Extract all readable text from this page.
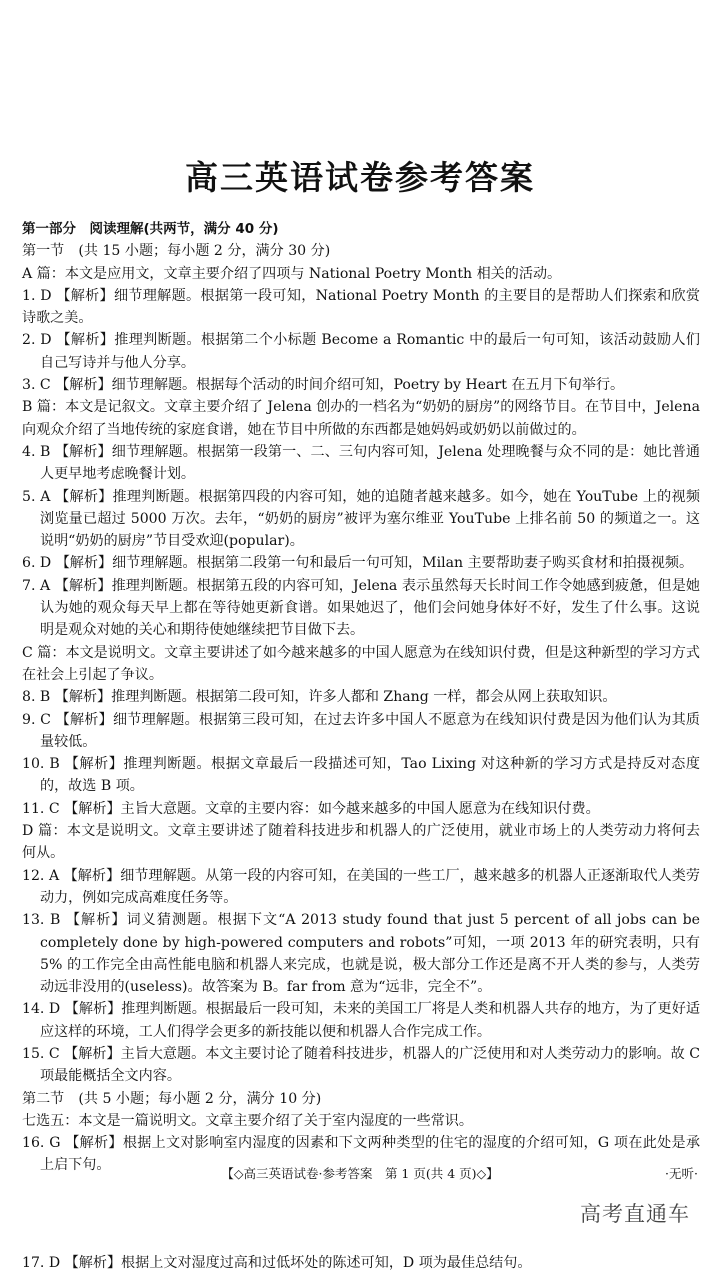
高三英语试卷参考答案
第一部分　阅读理解(共两节，满分 40 分)
第一节　(共 15 小题；每小题 2 分，满分 30 分)
A 篇：本文是应用文，文章主要介绍了四项与 National Poetry Month 相关的活动。
1. D 【解析】细节理解题。根据第一段可知，National Poetry Month 的主要目的是帮助人们探索和欣赏诗歌之美。
2. D 【解析】推理判断题。根据第二个小标题 Become a Romantic 中的最后一句可知，该活动鼓励人们自己写诗并与他人分享。
3. C 【解析】细节理解题。根据每个活动的时间介绍可知，Poetry by Heart 在五月下旬举行。
B 篇：本文是记叙文。文章主要介绍了 Jelena 创办的一档名为“奶奶的厨房”的网络节目。在节目中，Jelena 向观众介绍了当地传统的家庭食谱，她在节目中所做的东西都是她妈妈或奶奶以前做过的。
4. B 【解析】细节理解题。根据第一段第一、二、三句内容可知，Jelena 处理晚餐与众不同的是：她比普通人更早地考虑晚餐计划。
5. A 【解析】推理判断题。根据第四段的内容可知，她的追随者越来越多。如今，她在 YouTube 上的视频浏览量已超过 5000 万次。去年，“奶奶的厨房”被评为塞尔维亚 YouTube 上排名前 50 的频道之一。这说明“奶奶的厨房”节目受欢迎(popular)。
6. D 【解析】细节理解题。根据第二段第一句和最后一句可知，Milan 主要帮助妻子购买食材和拍摄视频。
7. A 【解析】推理判断题。根据第五段的内容可知，Jelena 表示虽然每天长时间工作令她感到疲惫，但是她认为她的观众每天早上都在等待她更新食谱。如果她迟了，他们会问她身体好不好，发生了什么事。这说明是观众对她的关心和期待使她继续把节目做下去。
C 篇：本文是说明文。文章主要讲述了如今越来越多的中国人愿意为在线知识付费，但是这种新型的学习方式在社会上引起了争议。
8. B 【解析】推理判断题。根据第二段可知，许多人都和 Zhang 一样，都会从网上获取知识。
9. C 【解析】细节理解题。根据第三段可知，在过去许多中国人不愿意为在线知识付费是因为他们认为其质量较低。
10. B 【解析】推理判断题。根据文章最后一段描述可知，Tao Lixing 对这种新的学习方式是持反对态度的，故选 B 项。
11. C 【解析】主旨大意题。文章的主要内容：如今越来越多的中国人愿意为在线知识付费。
D 篇：本文是说明文。文章主要讲述了随着科技进步和机器人的广泛使用，就业市场上的人类劳动力将何去何从。
12. A 【解析】细节理解题。从第一段的内容可知，在美国的一些工厂，越来越多的机器人正逐渐取代人类劳动力，例如完成高难度任务等。
13. B 【解析】词义猜测题。根据下文“A 2013 study found that just 5 percent of all jobs can be completely done by high-powered computers and robots”可知，一项 2013 年的研究表明，只有 5% 的工作完全由高性能电脑和机器人来完成，也就是说，极大部分工作还是离不开人类的参与，人类劳动远非没用的(useless)。故答案为 B。far from 意为“远非，完全不”。
14. D 【解析】推理判断题。根据最后一段可知，未来的美国工厂将是人类和机器人共存的地方，为了更好适应这样的环境，工人们得学会更多的新技能以便和机器人合作完成工作。
15. C 【解析】主旨大意题。本文主要讨论了随着科技进步，机器人的广泛使用和对人类劳动力的影响。故 C 项最能概括全文内容。
第二节　(共 5 小题；每小题 2 分，满分 10 分)
七选五：本文是一篇说明文。文章主要介绍了关于室内湿度的一些常识。
16. G 【解析】根据上文对影响室内湿度的因素和下文两种类型的住宅的湿度的介绍可知，G 项在此处是承上启下句。
【◇高三英语试卷·参考答案　第 1 页(共 4 页)◇】	·无听·
高考直通车
17. D 【解析】根据上文对湿度过高和过低坏处的陈述可知，D 项为最佳总结句。
